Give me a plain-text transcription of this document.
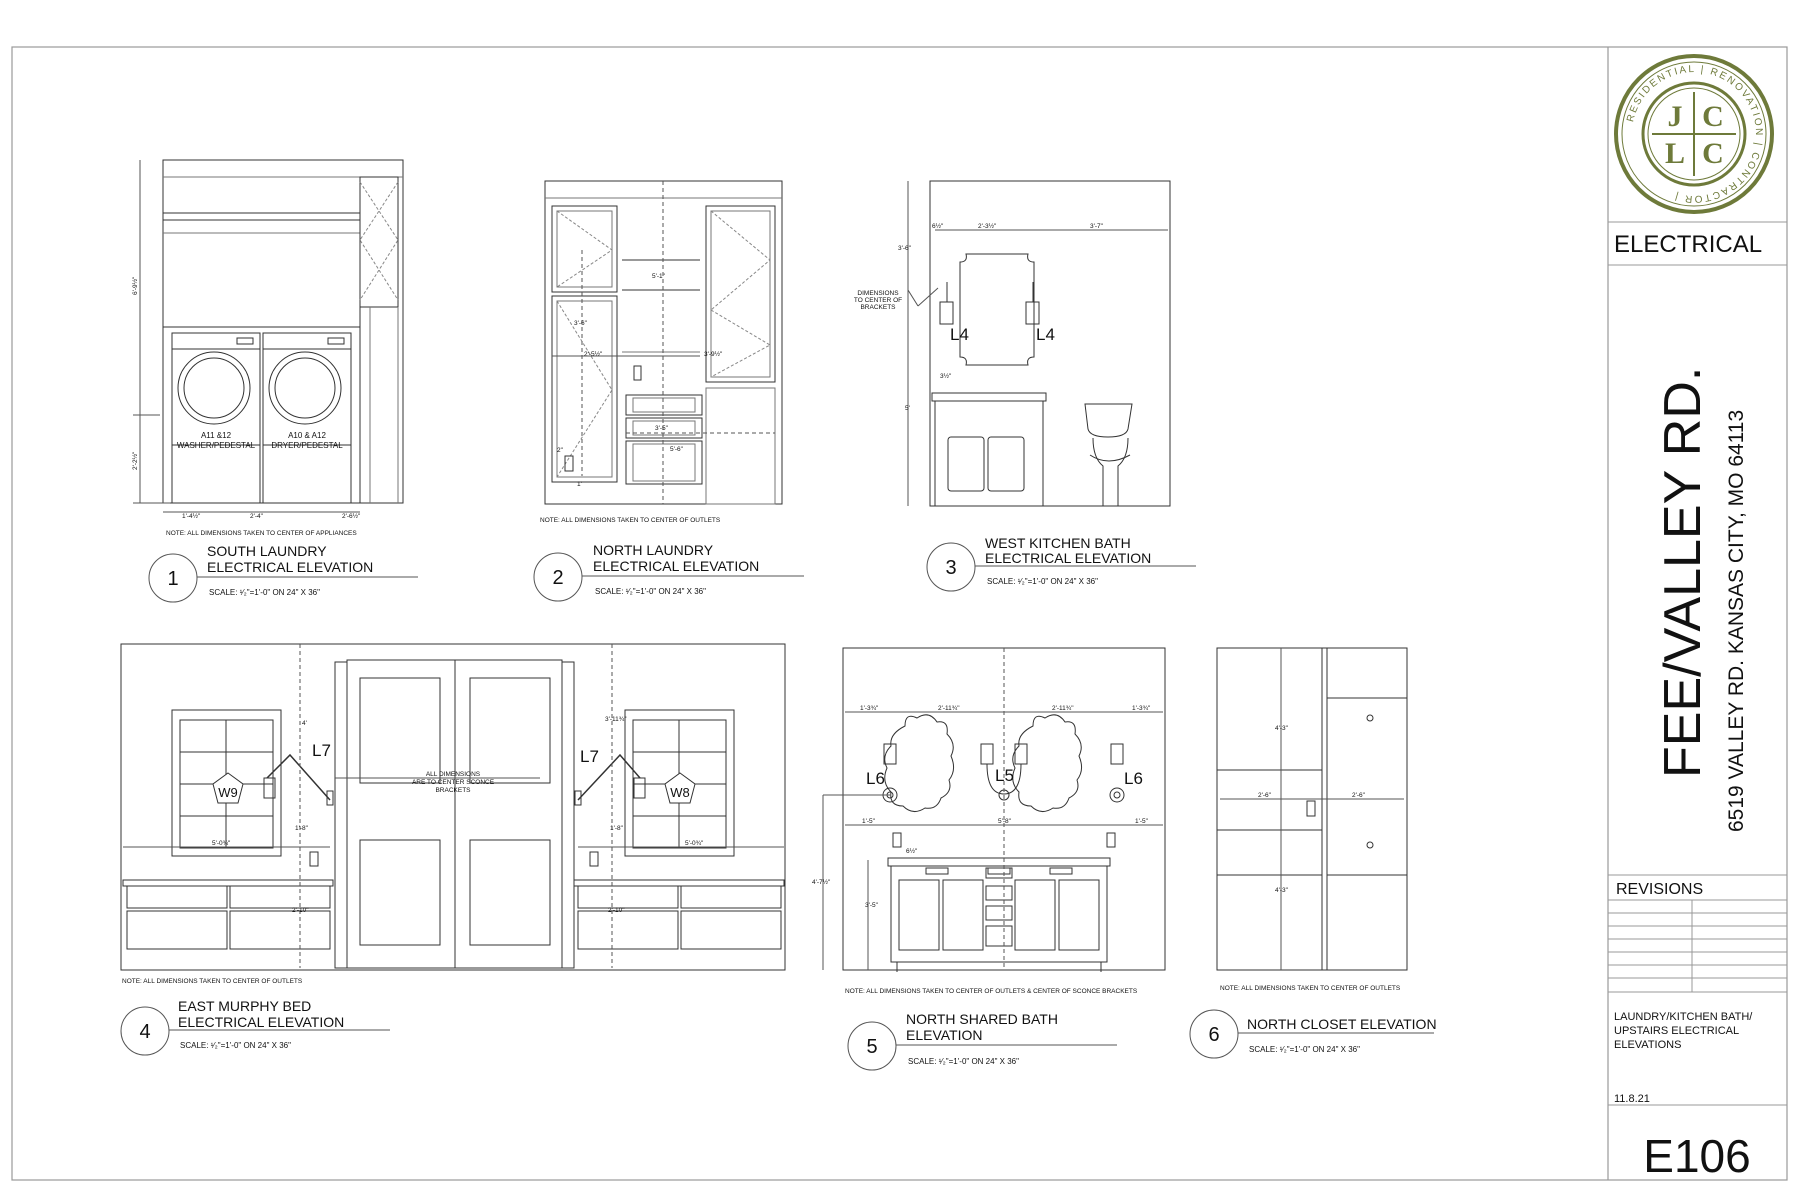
RESIDENTIAL | RENOVATION | CONTRACTOR |
J C
L C
ELECTRICAL
FEE/VALLEY RD. 6519 VALLEY RD. KANSAS CITY, MO 64113
REVISIONS
LAUNDRY/KITCHEN BATH/
UPSTAIRS ELECTRICAL
ELEVATIONS
11.8.21
E106
A11 &12
WASHER/PEDESTAL
A10 & A12
DRYER/PEDESTAL
6'-9½"
2'-2½"
1'-4½"	2'-4"	2'-6½"
NOTE: ALL DIMENSIONS TAKEN TO CENTER OF APPLIANCES
5'-1"
3'-6"
2'-5½"	3'-9½"
3'-5"
5'-6"
2"
1'
NOTE: ALL DIMENSIONS TAKEN TO CENTER OF OUTLETS
DIMENSIONS
TO CENTER OF
BRACKETS
L4	L4
6½"	2'-3½"	3'-7"
3'-6"
5'
3½"
W9	W8
L7	L7
ALL DIMENSIONS
ARE TO CENTER SCONCE
BRACKETS
4'
1'-8"
5'-0¾"
2'-10"
3'-11¾"
1'-8"
5'-0¾"
2'-10"
NOTE: ALL DIMENSIONS TAKEN TO CENTER OF OUTLETS
L6	L5	L6
1'-3¾"	2'-11¾"	2'-11¾"	1'-3¾"
1'-5"	5'-8"	1'-5"
4'-7½"
3'-5"
6½"
NOTE: ALL DIMENSIONS TAKEN TO CENTER OF OUTLETS & CENTER OF SCONCE BRACKETS
4'-3"
2'-6"	2'-6"
4'-3"
NOTE: ALL DIMENSIONS TAKEN TO CENTER OF OUTLETS
1
SOUTH LAUNDRY
ELECTRICAL ELEVATION
SCALE: ¹⁄₂"=1'-0" ON 24" X 36"
2
NORTH LAUNDRY
ELECTRICAL ELEVATION
SCALE: ¹⁄₂"=1'-0" ON 24" X 36"
3
WEST KITCHEN BATH
ELECTRICAL ELEVATION
SCALE: ¹⁄₂"=1'-0" ON 24" X 36"
4
EAST MURPHY BED
ELECTRICAL ELEVATION
SCALE: ¹⁄₂"=1'-0" ON 24" X 36"	5
NORTH SHARED BATH
ELEVATION
SCALE: ¹⁄₂"=1'-0" ON 24" X 36"
6 NORTH CLOSET ELEVATION
SCALE: ¹⁄₂"=1'-0" ON 24" X 36"
